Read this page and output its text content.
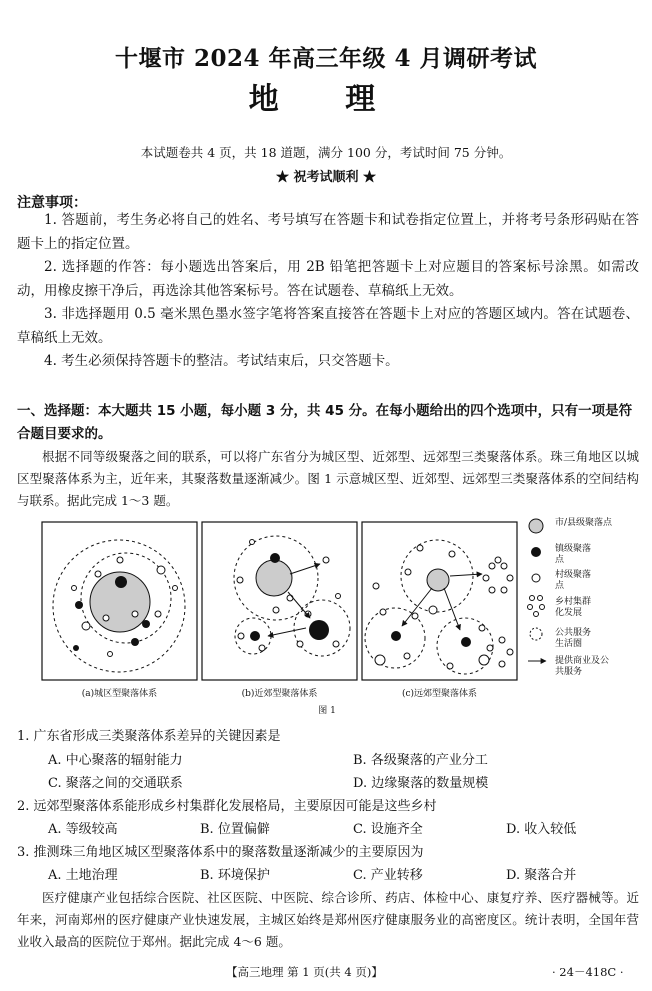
十堰市 2024 年高三年级 4 月调研考试
地 理
本试题卷共 4 页，共 18 道题，满分 100 分，考试时间 75 分钟。
★ 祝考试顺利 ★
注意事项：
1. 答题前，考生务必将自己的姓名、考号填写在答题卡和试卷指定位置上，并将考号条形码贴在答题卡上的指定位置。
2. 选择题的作答：每小题选出答案后，用 2B 铅笔把答题卡上对应题目的答案标号涂黑。如需改动，用橡皮擦干净后，再选涂其他答案标号。答在试题卷、草稿纸上无效。
3. 非选择题用 0.5 毫米黑色墨水签字笔将答案直接答在答题卡上对应的答题区域内。答在试题卷、草稿纸上无效。
4. 考生必须保持答题卡的整洁。考试结束后，只交答题卡。
一、选择题：本大题共 15 小题，每小题 3 分，共 45 分。在每小题给出的四个选项中，只有一项是符合题目要求的。
根据不同等级聚落之间的联系，可以将广东省分为城区型、近郊型、远郊型三类聚落体系。珠三角地区以城区型聚落体系为主，近年来，其聚落数量逐渐减少。图 1 示意城区型、近郊型、远郊型三类聚落体系的空间结构与联系。据此完成 1～3 题。
市/县级聚落点
镇级聚落点
村级聚落点
乡村集群化发展
公共服务生活圈
提供商业及公共服务
(a)城区型聚落体系	(b)近郊型聚落体系	(c)远郊型聚落体系
图 1
1. 广东省形成三类聚落体系差异的关键因素是
A. 中心聚落的辐射能力	B. 各级聚落的产业分工
C. 聚落之间的交通联系	D. 边缘聚落的数量规模
2. 远郊型聚落体系能形成乡村集群化发展格局，主要原因可能是这些乡村
A. 等级较高	B. 位置偏僻	C. 设施齐全	D. 收入较低
3. 推测珠三角地区城区型聚落体系中的聚落数量逐渐减少的主要原因为
A. 土地治理	B. 环境保护	C. 产业转移	D. 聚落合并
医疗健康产业包括综合医院、社区医院、中医院、综合诊所、药店、体检中心、康复疗养、医疗器械等。近年来，河南郑州的医疗健康产业快速发展，主城区始终是郑州医疗健康服务业的高密度区。统计表明，全国年营业收入最高的医院位于郑州。据此完成 4～6 题。
【高三地理 第 1 页(共 4 页)】	· 24－418C ·
